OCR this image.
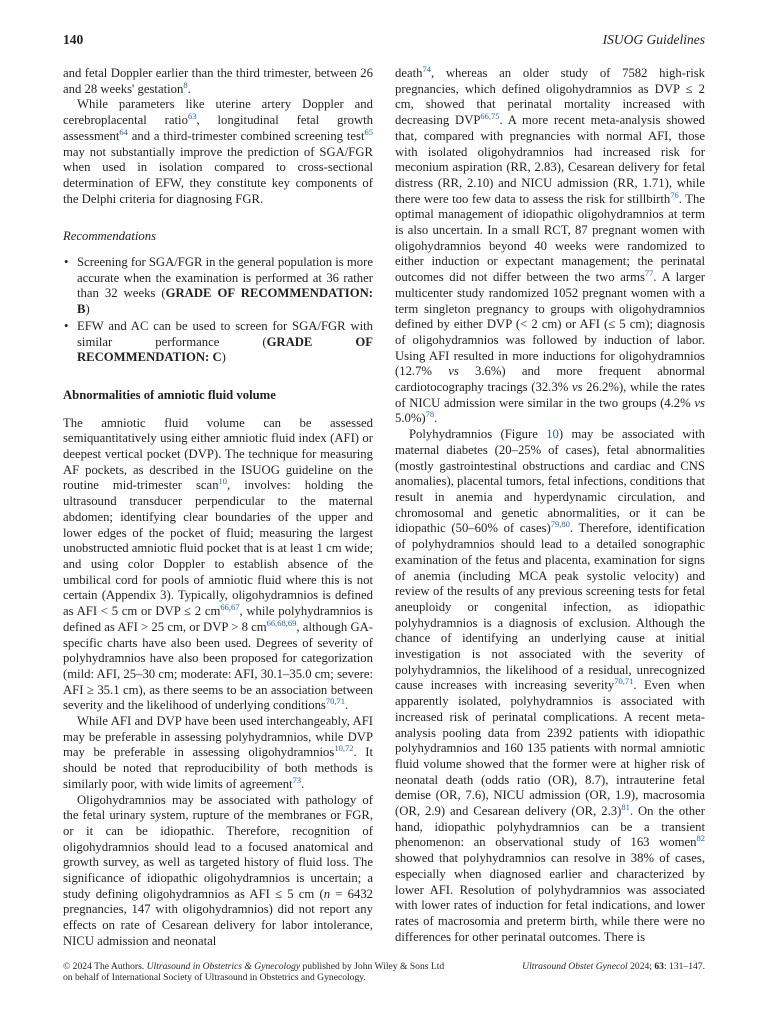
140	ISUOG Guidelines

and fetal Doppler earlier than the third trimester, between 26 and 28 weeks' gestation$^8$.

While parameters like uterine artery Doppler and cerebroplacental ratio$^{63}$, longitudinal fetal growth assessment$^{64}$ and a third-trimester combined screening test$^{65}$ may not substantially improve the prediction of SGA/FGR when used in isolation compared to cross-sectional determination of EFW, they constitute key components of the Delphi criteria for diagnosing FGR.

Recommendations

• Screening for SGA/FGR in the general population is more accurate when the examination is performed at 36 rather than 32 weeks (GRADE OF RECOMMENDATION: B)
• EFW and AC can be used to screen for SGA/FGR with similar performance (GRADE OF RECOMMENDATION: C)

Abnormalities of amniotic fluid volume

The amniotic fluid volume can be assessed semiquantitatively using either amniotic fluid index (AFI) or deepest vertical pocket (DVP). The technique for measuring AF pockets, as described in the ISUOG guideline on the routine mid-trimester scan$^{10}$, involves: holding the ultrasound transducer perpendicular to the maternal abdomen; identifying clear boundaries of the upper and lower edges of the pocket of fluid; measuring the largest unobstructed amniotic fluid pocket that is at least 1 cm wide; and using color Doppler to establish absence of the umbilical cord for pools of amniotic fluid where this is not certain (Appendix 3). Typically, oligohydramnios is defined as AFI < 5 cm or DVP ≤ 2 cm$^{66,67}$, while polyhydramnios is defined as AFI > 25 cm, or DVP > 8 cm$^{66,68,69}$, although GA-specific charts have also been used. Degrees of severity of polyhydramnios have also been proposed for categorization (mild: AFI, 25–30 cm; moderate: AFI, 30.1–35.0 cm; severe: AFI ≥ 35.1 cm), as there seems to be an association between severity and the likelihood of underlying conditions$^{70,71}$.

While AFI and DVP have been used interchangeably, AFI may be preferable in assessing polyhydramnios, while DVP may be preferable in assessing oligohydramnios$^{10,72}$. It should be noted that reproducibility of both methods is similarly poor, with wide limits of agreement$^{73}$.

Oligohydramnios may be associated with pathology of the fetal urinary system, rupture of the membranes or FGR, or it can be idiopathic. Therefore, recognition of oligohydramnios should lead to a focused anatomical and growth survey, as well as targeted history of fluid loss. The significance of idiopathic oligohydramnios is uncertain; a study defining oligohydramnios as AFI ≤ 5 cm (n = 6432 pregnancies, 147 with oligohydramnios) did not report any effects on rate of Cesarean delivery for labor intolerance, NICU admission and neonatal

death$^{74}$, whereas an older study of 7582 high-risk pregnancies, which defined oligohydramnios as DVP ≤ 2 cm, showed that perinatal mortality increased with decreasing DVP$^{66,75}$. A more recent meta-analysis showed that, compared with pregnancies with normal AFI, those with isolated oligohydramnios had increased risk for meconium aspiration (RR, 2.83), Cesarean delivery for fetal distress (RR, 2.10) and NICU admission (RR, 1.71), while there were too few data to assess the risk for stillbirth$^{76}$. The optimal management of idiopathic oligohydramnios at term is also uncertain. In a small RCT, 87 pregnant women with oligohydramnios beyond 40 weeks were randomized to either induction or expectant management; the perinatal outcomes did not differ between the two arms$^{77}$. A larger multicenter study randomized 1052 pregnant women with a term singleton pregnancy to groups with oligohydramnios defined by either DVP (< 2 cm) or AFI (≤ 5 cm); diagnosis of oligohydramnios was followed by induction of labor. Using AFI resulted in more inductions for oligohydramnios (12.7% vs 3.6%) and more frequent abnormal cardiotocography tracings (32.3% vs 26.2%), while the rates of NICU admission were similar in the two groups (4.2% vs 5.0%)$^{78}$.

Polyhydramnios (Figure 10) may be associated with maternal diabetes (20–25% of cases), fetal abnormalities (mostly gastrointestinal obstructions and cardiac and CNS anomalies), placental tumors, fetal infections, conditions that result in anemia and hyperdynamic circulation, and chromosomal and genetic abnormalities, or it can be idiopathic (50–60% of cases)$^{79,80}$. Therefore, identification of polyhydramnios should lead to a detailed sonographic examination of the fetus and placenta, examination for signs of anemia (including MCA peak systolic velocity) and review of the results of any previous screening tests for fetal aneuploidy or congenital infection, as idiopathic polyhydramnios is a diagnosis of exclusion. Although the chance of identifying an underlying cause at initial investigation is not associated with the severity of polyhydramnios, the likelihood of a residual, unrecognized cause increases with increasing severity$^{70,71}$. Even when apparently isolated, polyhydramnios is associated with increased risk of perinatal complications. A recent meta-analysis pooling data from 2392 patients with idiopathic polyhydramnios and 160 135 patients with normal amniotic fluid volume showed that the former were at higher risk of neonatal death (odds ratio (OR), 8.7), intrauterine fetal demise (OR, 7.6), NICU admission (OR, 1.9), macrosomia (OR, 2.9) and Cesarean delivery (OR, 2.3)$^{81}$. On the other hand, idiopathic polyhydramnios can be a transient phenomenon: an observational study of 163 women$^{82}$ showed that polyhydramnios can resolve in 38% of cases, especially when diagnosed earlier and characterized by lower AFI. Resolution of polyhydramnios was associated with lower rates of induction for fetal indications, and lower rates of macrosomia and preterm birth, while there were no differences for other perinatal outcomes. There is

© 2024 The Authors. Ultrasound in Obstetrics & Gynecology published by John Wiley & Sons Ltd
on behalf of International Society of Ultrasound in Obstetrics and Gynecology.
Ultrasound Obstet Gynecol 2024; 63: 131–147.
